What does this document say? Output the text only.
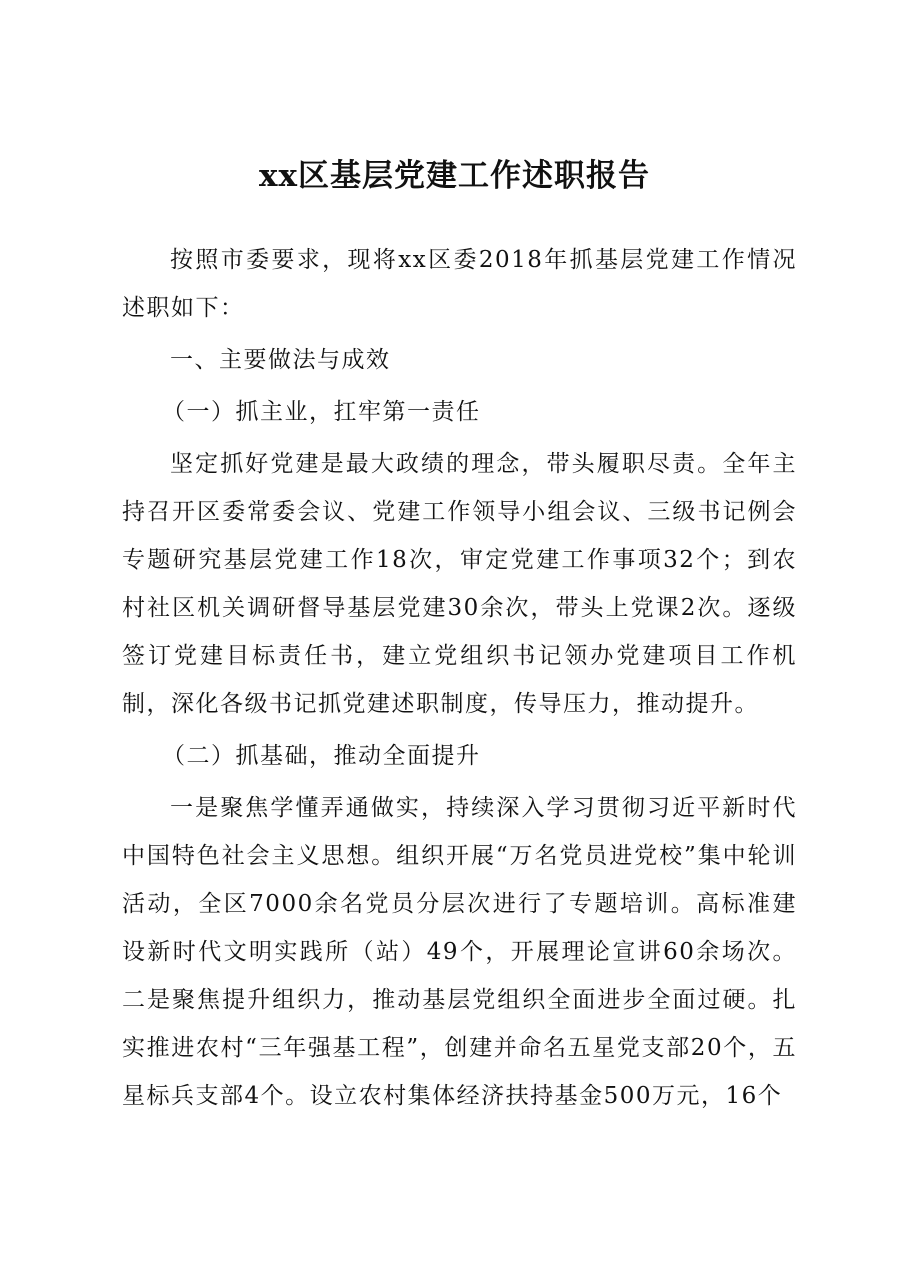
xx区基层党建工作述职报告

按照市委要求，现将xx区委2018年抓基层党建工作情况述职如下：

一、主要做法与成效

（一）抓主业，扛牢第一责任

坚定抓好党建是最大政绩的理念，带头履职尽责。全年主持召开区委常委会议、党建工作领导小组会议、三级书记例会专题研究基层党建工作18次，审定党建工作事项32个；到农村社区机关调研督导基层党建30余次，带头上党课2次。逐级签订党建目标责任书，建立党组织书记领办党建项目工作机制，深化各级书记抓党建述职制度，传导压力，推动提升。

（二）抓基础，推动全面提升

一是聚焦学懂弄通做实，持续深入学习贯彻习近平新时代中国特色社会主义思想。组织开展“万名党员进党校”集中轮训活动，全区7000余名党员分层次进行了专题培训。高标准建设新时代文明实践所（站）49个，开展理论宣讲60余场次。二是聚焦提升组织力，推动基层党组织全面进步全面过硬。扎实推进农村“三年强基工程”，创建并命名五星党支部20个，五星标兵支部4个。设立农村集体经济扶持基金500万元，16个
